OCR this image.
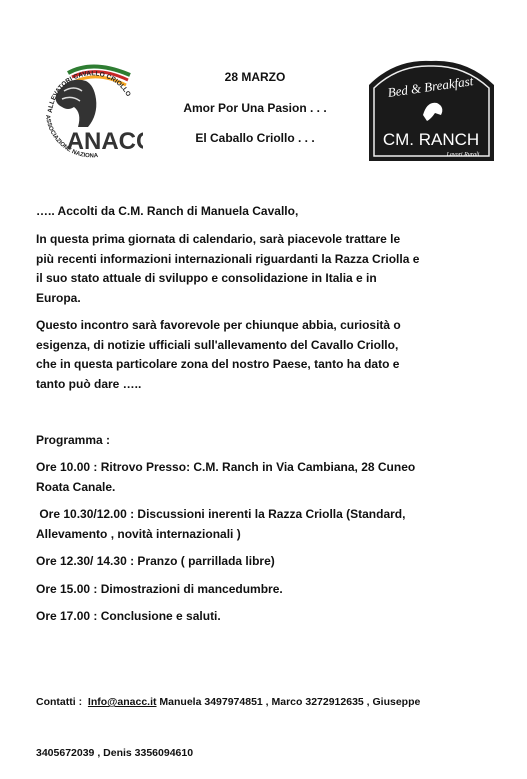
ALLEVATORI CAVALLO CRIOLLO
ASSOCIAZIONE NAZIONA
ANAC
28 MARZO
Amor Por Una Pasion . . .
El Caballo Criollo . . .
Bed & Breakfast
CM. RANCH
Lavori Rurali
….. Accolti da C.M. Ranch di Manuela Cavallo,
In questa prima giornata di calendario, sarà piacevole trattare le
più recenti informazioni internazionali riguardanti la Razza Criolla e
il suo stato attuale di sviluppo e consolidazione in Italia e in
Europa.
Questo incontro sarà favorevole per chiunque abbia, curiosità o
esigenza, di notizie ufficiali sull'allevamento del Cavallo Criollo,
che in questa particolare zona del nostro Paese, tanto ha dato e
tanto può dare …..
Programma :
Ore 10.00 : Ritrovo Presso: C.M. Ranch in Via Cambiana, 28 Cuneo
Roata Canale.
Ore 10.30/12.00 : Discussioni inerenti la Razza Criolla (Standard,
Allevamento , novità internazionali )
Ore 12.30/ 14.30 : Pranzo ( parrillada libre)
Ore 15.00 : Dimostrazioni di mancedumbre.
Ore 17.00 : Conclusione e saluti.

Contatti : Info@anacc.it Manuela 3497974851 , Marco 3272912635 , Giuseppe

3405672039 , Denis 3356094610
